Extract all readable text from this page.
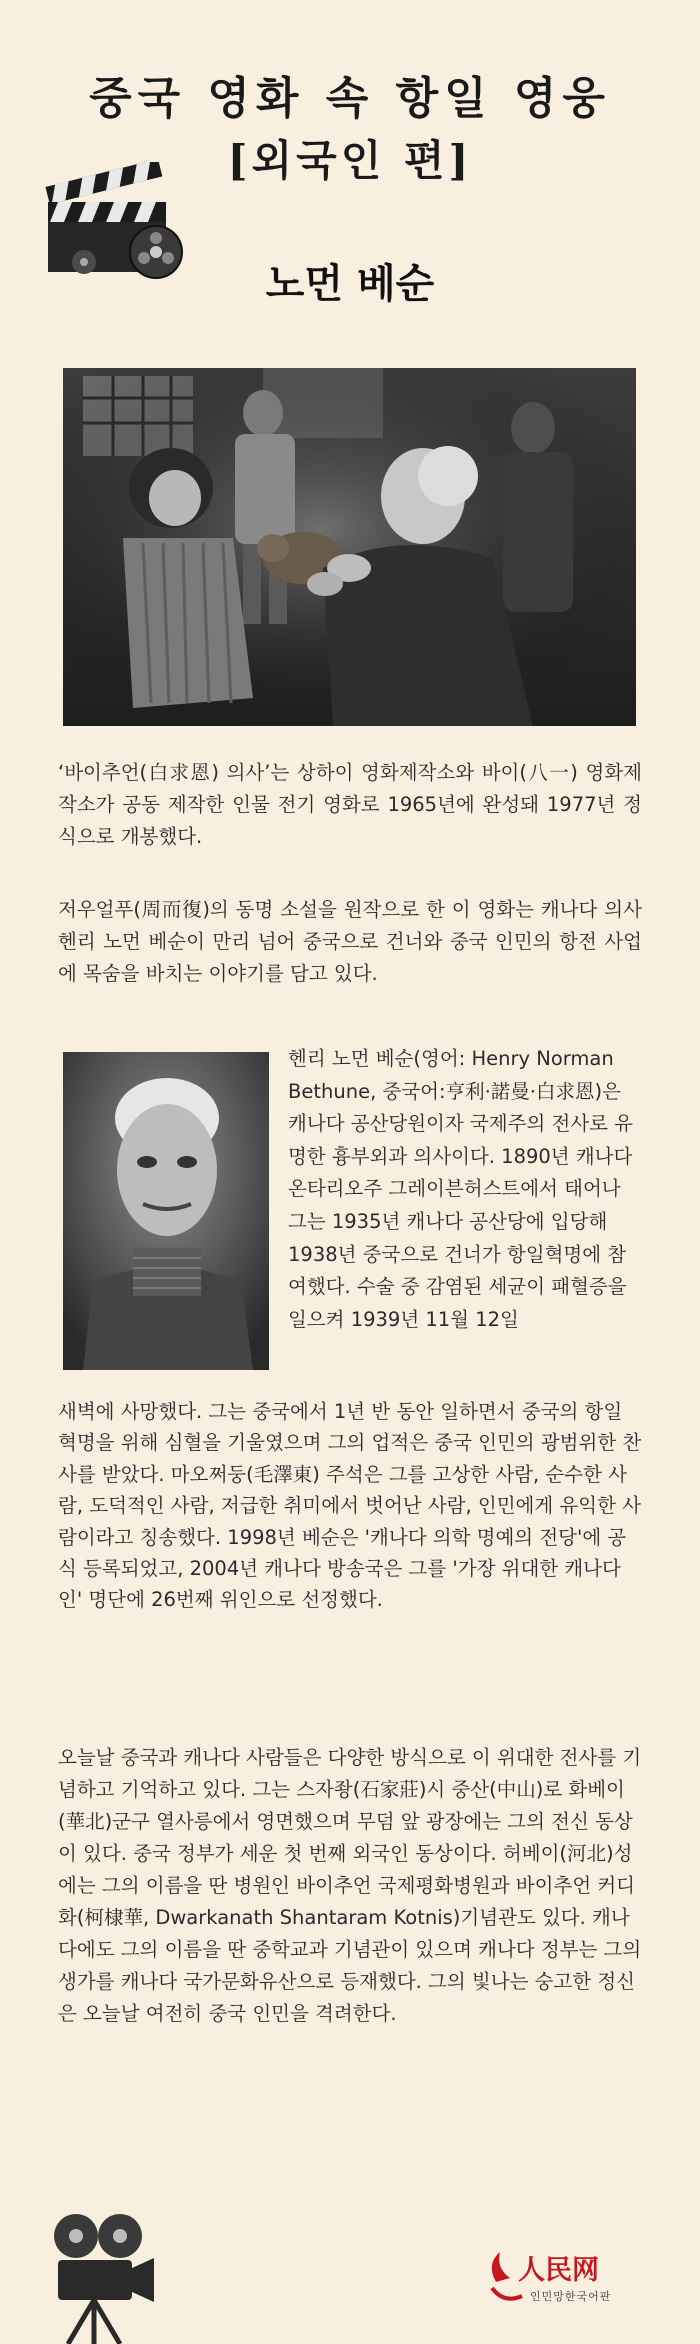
중국 영화 속 항일 영웅
[외국인 편]
노먼 베순
‘바이추언(白求恩) 의사’는 상하이 영화제작소와 바이(八一) 영화제작소가 공동 제작한 인물 전기 영화로 1965년에 완성돼 1977년 정식으로 개봉했다.
저우얼푸(周而復)의 동명 소설을 원작으로 한 이 영화는 캐나다 의사 헨리 노먼 베순이 만리 넘어 중국으로 건너와 중국 인민의 항전 사업에 목숨을 바치는 이야기를 담고 있다.
헨리 노먼 베순(영어: Henry Norman Bethune, 중국어:亨利·諾曼·白求恩)은 캐나다 공산당원이자 국제주의 전사로 유명한 흉부외과 의사이다. 1890년 캐나다 온타리오주 그레이븐허스트에서 태어나 그는 1935년 캐나다 공산당에 입당해 1938년 중국으로 건너가 항일혁명에 참여했다. 수술 중 감염된 세균이 패혈증을 일으켜 1939년 11월 12일
새벽에 사망했다. 그는 중국에서 1년 반 동안 일하면서 중국의 항일 혁명을 위해 심혈을 기울였으며 그의 업적은 중국 인민의 광범위한 찬사를 받았다. 마오쩌둥(毛澤東) 주석은 그를 고상한 사람, 순수한 사람, 도덕적인 사람, 저급한 취미에서 벗어난 사람, 인민에게 유익한 사람이라고 칭송했다. 1998년 베순은 '캐나다 의학 명예의 전당'에 공식 등록되었고, 2004년 캐나다 방송국은 그를 '가장 위대한 캐나다인' 명단에 26번째 위인으로 선정했다.
오늘날 중국과 캐나다 사람들은 다양한 방식으로 이 위대한 전사를 기념하고 기억하고 있다. 그는 스자좡(石家莊)시 중산(中山)로 화베이(華北)군구 열사릉에서 영면했으며 무덤 앞 광장에는 그의 전신 동상이 있다. 중국 정부가 세운 첫 번째 외국인 동상이다. 허베이(河北)성에는 그의 이름을 딴 병원인 바이추언 국제평화병원과 바이추언 커디화(柯棣華, Dwarkanath Shantaram Kotnis)기념관도 있다. 캐나다에도 그의 이름을 딴 중학교과 기념관이 있으며 캐나다 정부는 그의 생가를 캐나다 국가문화유산으로 등재했다. 그의 빛나는 숭고한 정신은 오늘날 여전히 중국 인민을 격려한다.
人民网
인민망한국어판
